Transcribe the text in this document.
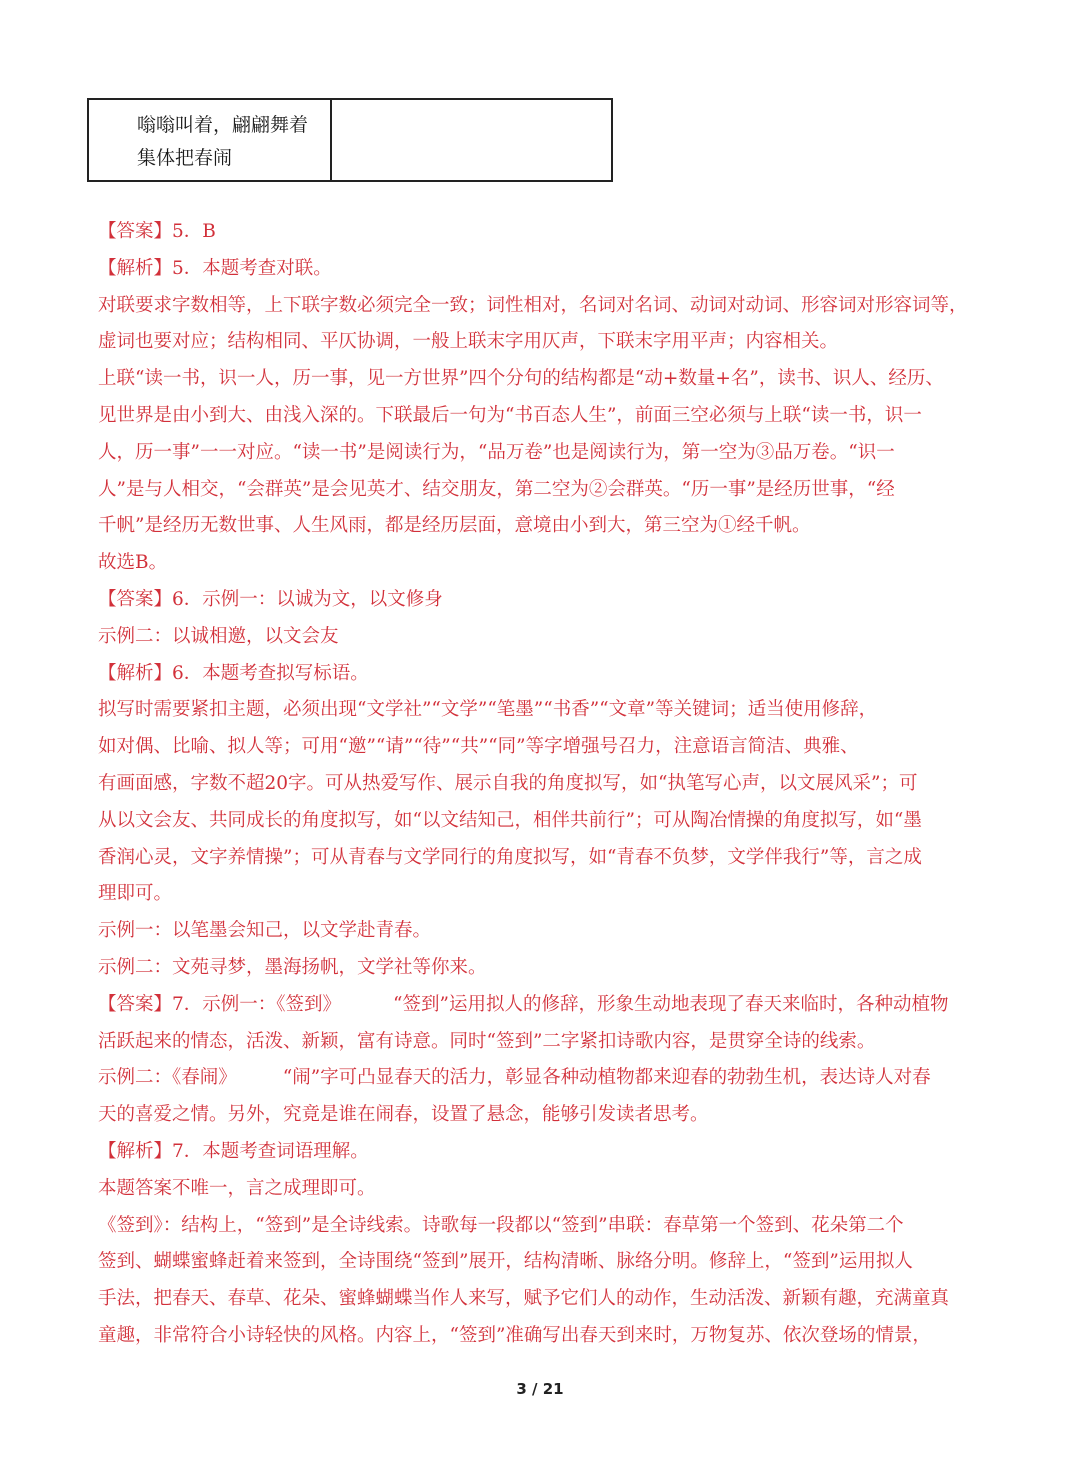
嗡嗡叫着，翩翩舞着
集体把春闹
【答案】5．B
【解析】5．本题考查对联。
对联要求字数相等，上下联字数必须完全一致；词性相对，名词对名词、动词对动词、形容词对形容词等，
虚词也要对应；结构相同、平仄协调，一般上联末字用仄声，下联末字用平声；内容相关。
上联“读一书，识一人，历一事，见一方世界”四个分句的结构都是“动+数量+名”，读书、识人、经历、
见世界是由小到大、由浅入深的。下联最后一句为“书百态人生”，前面三空必须与上联“读一书，识一
人，历一事”一一对应。“读一书”是阅读行为，“品万卷”也是阅读行为，第一空为③品万卷。“识一
人”是与人相交，“会群英”是会见英才、结交朋友，第二空为②会群英。“历一事”是经历世事，“经
千帆”是经历无数世事、人生风雨，都是经历层面，意境由小到大，第三空为①经千帆。
故选B。
【答案】6．示例一：以诚为文，以文修身
示例二：以诚相邀，以文会友
【解析】6．本题考查拟写标语。
拟写时需要紧扣主题，必须出现“文学社”“文学”“笔墨”“书香”“文章”等关键词；适当使用修辞，
如对偶、比喻、拟人等；可用“邀”“请”“待”“共”“同”等字增强号召力，注意语言简洁、典雅、
有画面感，字数不超20字。可从热爱写作、展示自我的角度拟写，如“执笔写心声，以文展风采”；可
从以文会友、共同成长的角度拟写，如“以文结知己，相伴共前行”；可从陶冶情操的角度拟写，如“墨
香润心灵，文字养情操”；可从青春与文学同行的角度拟写，如“青春不负梦，文学伴我行”等，言之成
理即可。
示例一：以笔墨会知己，以文学赴青春。
示例二：文苑寻梦，墨海扬帆，文学社等你来。
【答案】7．示例一：《签到》	“签到”运用拟人的修辞，形象生动地表现了春天来临时，各种动植物
活跃起来的情态，活泼、新颖，富有诗意。同时“签到”二字紧扣诗歌内容，是贯穿全诗的线索。
示例二：《春闹》 “闹”字可凸显春天的活力，彰显各种动植物都来迎春的勃勃生机，表达诗人对春
天的喜爱之情。另外，究竟是谁在闹春，设置了悬念，能够引发读者思考。
【解析】7．本题考查词语理解。
本题答案不唯一，言之成理即可。
《签到》：结构上，“签到”是全诗线索。诗歌每一段都以“签到”串联：春草第一个签到、花朵第二个
签到、蝴蝶蜜蜂赶着来签到，全诗围绕“签到”展开，结构清晰、脉络分明。修辞上，“签到”运用拟人
手法，把春天、春草、花朵、蜜蜂蝴蝶当作人来写，赋予它们人的动作，生动活泼、新颖有趣，充满童真
童趣，非常符合小诗轻快的风格。内容上，“签到”准确写出春天到来时，万物复苏、依次登场的情景，
3 / 21
